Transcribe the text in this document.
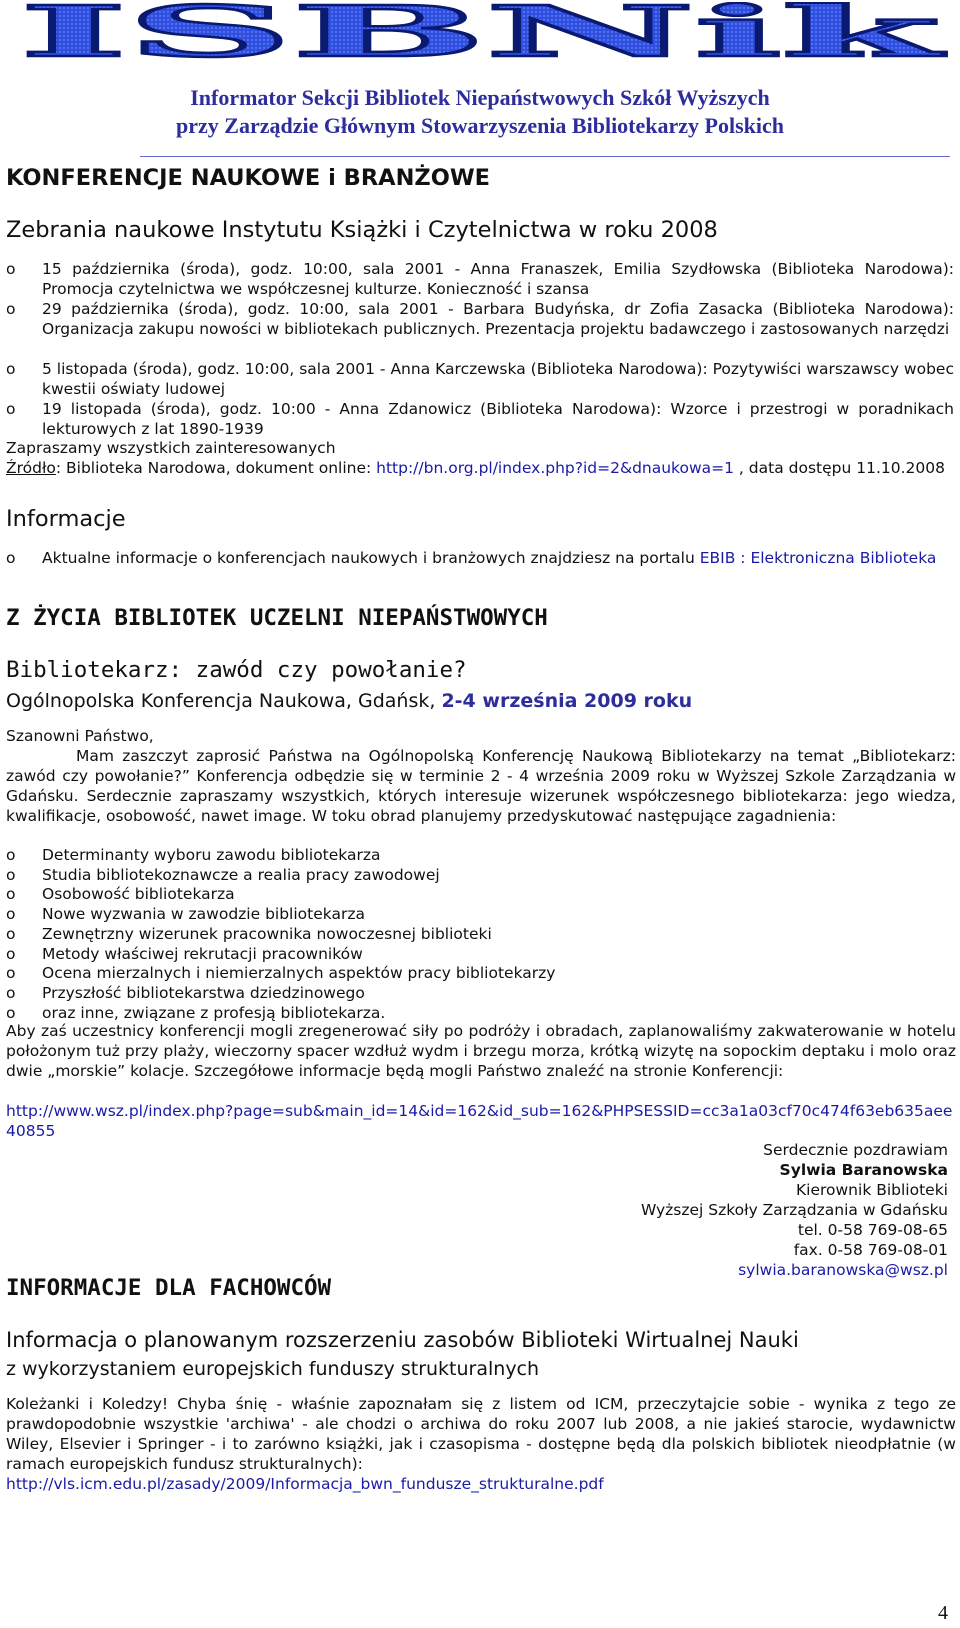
ISBNik
Informator Sekcji Bibliotek Niepaństwowych Szkół Wyższych
przy Zarządzie Głównym Stowarzyszenia Bibliotekarzy Polskich
KONFERENCJE NAUKOWE i BRANŻOWE
Zebrania naukowe Instytutu Książki i Czytelnictwa w roku 2008
o	15 października (środa), godz. 10:00, sala 2001 - Anna Franaszek, Emilia Szydłowska (Biblioteka Narodowa): Promocja czytelnictwa we współczesnej kulturze. Konieczność i szansa
o	29 października (środa), godz. 10:00, sala 2001 - Barbara Budyńska, dr Zofia Zasacka (Biblioteka Narodowa): Organizacja zakupu nowości w bibliotekach publicznych. Prezentacja projektu badawczego i zastosowanych narzędzi
o	5 listopada (środa), godz. 10:00, sala 2001 - Anna Karczewska (Biblioteka Narodowa): Pozytywiści warszawscy wobec kwestii oświaty ludowej
o	19 listopada (środa), godz. 10:00 - Anna Zdanowicz (Biblioteka Narodowa): Wzorce i przestrogi w poradnikach lekturowych z lat 1890-1939
Zapraszamy wszystkich zainteresowanych
Źródło: Biblioteka Narodowa, dokument online: http://bn.org.pl/index.php?id=2&dnaukowa=1 , data dostępu 11.10.2008
Informacje
o	Aktualne informacje o konferencjach naukowych i branżowych znajdziesz na portalu EBIB : Elektroniczna Biblioteka
Z ŻYCIA BIBLIOTEK UCZELNI NIEPAŃSTWOWYCH
Bibliotekarz: zawód czy powołanie?
Ogólnopolska Konferencja Naukowa, Gdańsk, 2-4 września 2009 roku
Szanowni Państwo,
Mam zaszczyt zaprosić Państwa na Ogólnopolską Konferencję Naukową Bibliotekarzy na temat „Bibliotekarz: zawód czy powołanie?” Konferencja odbędzie się w terminie 2 - 4 września 2009 roku w Wyższej Szkole Zarządzania w Gdańsku. Serdecznie zapraszamy wszystkich, których interesuje wizerunek współczesnego bibliotekarza: jego wiedza, kwalifikacje, osobowość, nawet image. W toku obrad planujemy przedyskutować następujące zagadnienia:
o	Determinanty wyboru zawodu bibliotekarza
o	Studia bibliotekoznawcze a realia pracy zawodowej
o	Osobowość bibliotekarza
o	Nowe wyzwania w zawodzie bibliotekarza
o	Zewnętrzny wizerunek pracownika nowoczesnej biblioteki
o	Metody właściwej rekrutacji pracowników
o	Ocena mierzalnych i niemierzalnych aspektów pracy bibliotekarzy
o	Przyszłość bibliotekarstwa dziedzinowego
o	oraz inne, związane z profesją bibliotekarza.
Aby zaś uczestnicy konferencji mogli zregenerować siły po podróży i obradach, zaplanowaliśmy zakwaterowanie w hotelu położonym tuż przy plaży, wieczorny spacer wzdłuż wydm i brzegu morza, krótką wizytę na sopockim deptaku i molo oraz dwie „morskie” kolacje. Szczegółowe informacje będą mogli Państwo znaleźć na stronie Konferencji:
http://www.wsz.pl/index.php?page=sub&main_id=14&id=162&id_sub=162&PHPSESSID=cc3a1a03cf70c474f63eb635aee40855
Serdecznie pozdrawiam
Sylwia Baranowska
Kierownik Biblioteki
Wyższej Szkoły Zarządzania w Gdańsku
tel. 0-58 769-08-65
fax. 0-58 769-08-01
sylwia.baranowska@wsz.pl
INFORMACJE DLA FACHOWCÓW
Informacja o planowanym rozszerzeniu zasobów Biblioteki Wirtualnej Nauki
z wykorzystaniem europejskich funduszy strukturalnych
Koleżanki i Koledzy! Chyba śnię - właśnie zapoznałam się z listem od ICM, przeczytajcie sobie - wynika z tego ze prawdopodobnie wszystkie 'archiwa' - ale chodzi o archiwa do roku 2007 lub 2008, a nie jakieś starocie, wydawnictw Wiley, Elsevier i Springer - i to zarówno książki, jak i czasopisma - dostępne będą dla polskich bibliotek nieodpłatnie (w ramach europejskich fundusz strukturalnych):
http://vls.icm.edu.pl/zasady/2009/Informacja_bwn_fundusze_strukturalne.pdf
4
